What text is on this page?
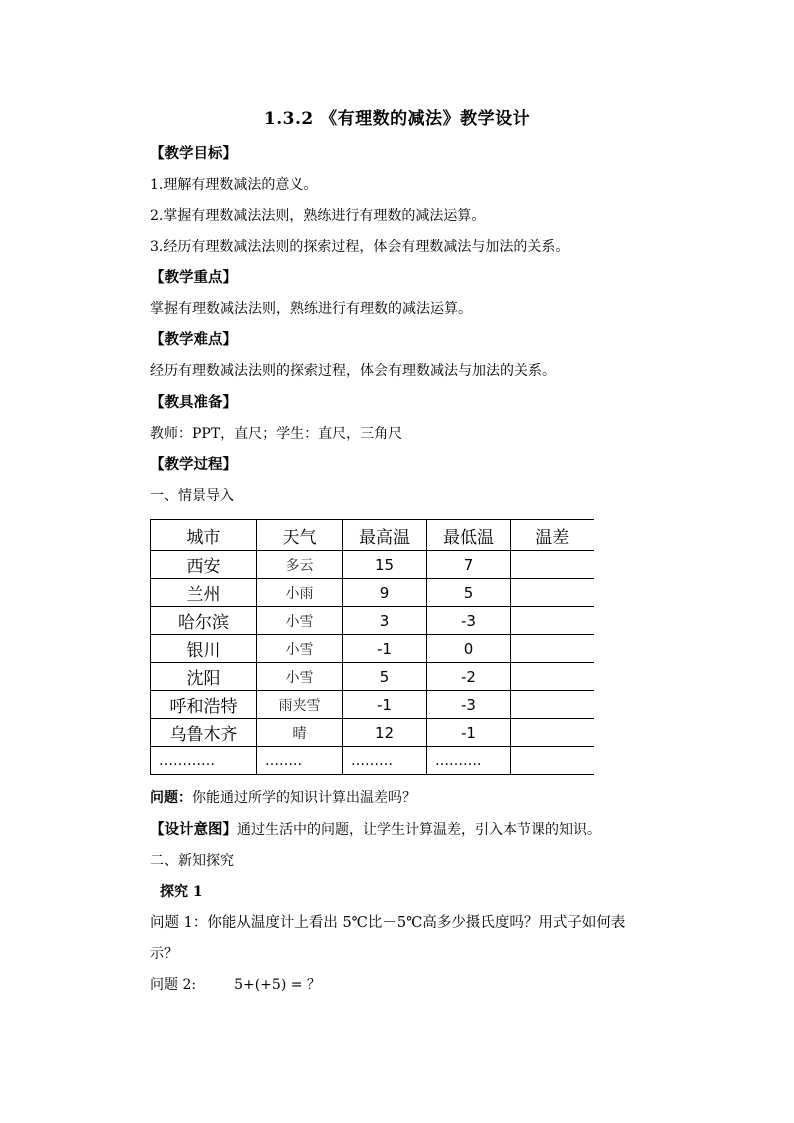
1.3.2 《有理数的减法》教学设计
【教学目标】
1.理解有理数减法的意义。
2.掌握有理数减法法则，熟练进行有理数的减法运算。
3.经历有理数减法法则的探索过程，体会有理数减法与加法的关系。
【教学重点】
掌握有理数减法法则，熟练进行有理数的减法运算。
【教学难点】
经历有理数减法法则的探索过程，体会有理数减法与加法的关系。
【教具准备】
教师：PPT，直尺；学生：直尺，三角尺
【教学过程】
一、情景导入
城市	天气	最高温	最低温	温差
西安	多云	15	7	
兰州	小雨	9	5	
哈尔滨	小雪	3	-3	
银川	小雪	-1	0	
沈阳	小雪	5	-2	
呼和浩特	雨夹雪	-1	-3	
乌鲁木齐	晴	12	-1	
…………	……..	………	……….	
问题：你能通过所学的知识计算出温差吗？
【设计意图】通过生活中的问题，让学生计算温差，引入本节课的知识。
二、新知探究
探究 1
问题 1：你能从温度计上看出 5℃比－5℃高多少摄氏度吗？用式子如何表
示？
问题 2:	5+(+5) = ？
